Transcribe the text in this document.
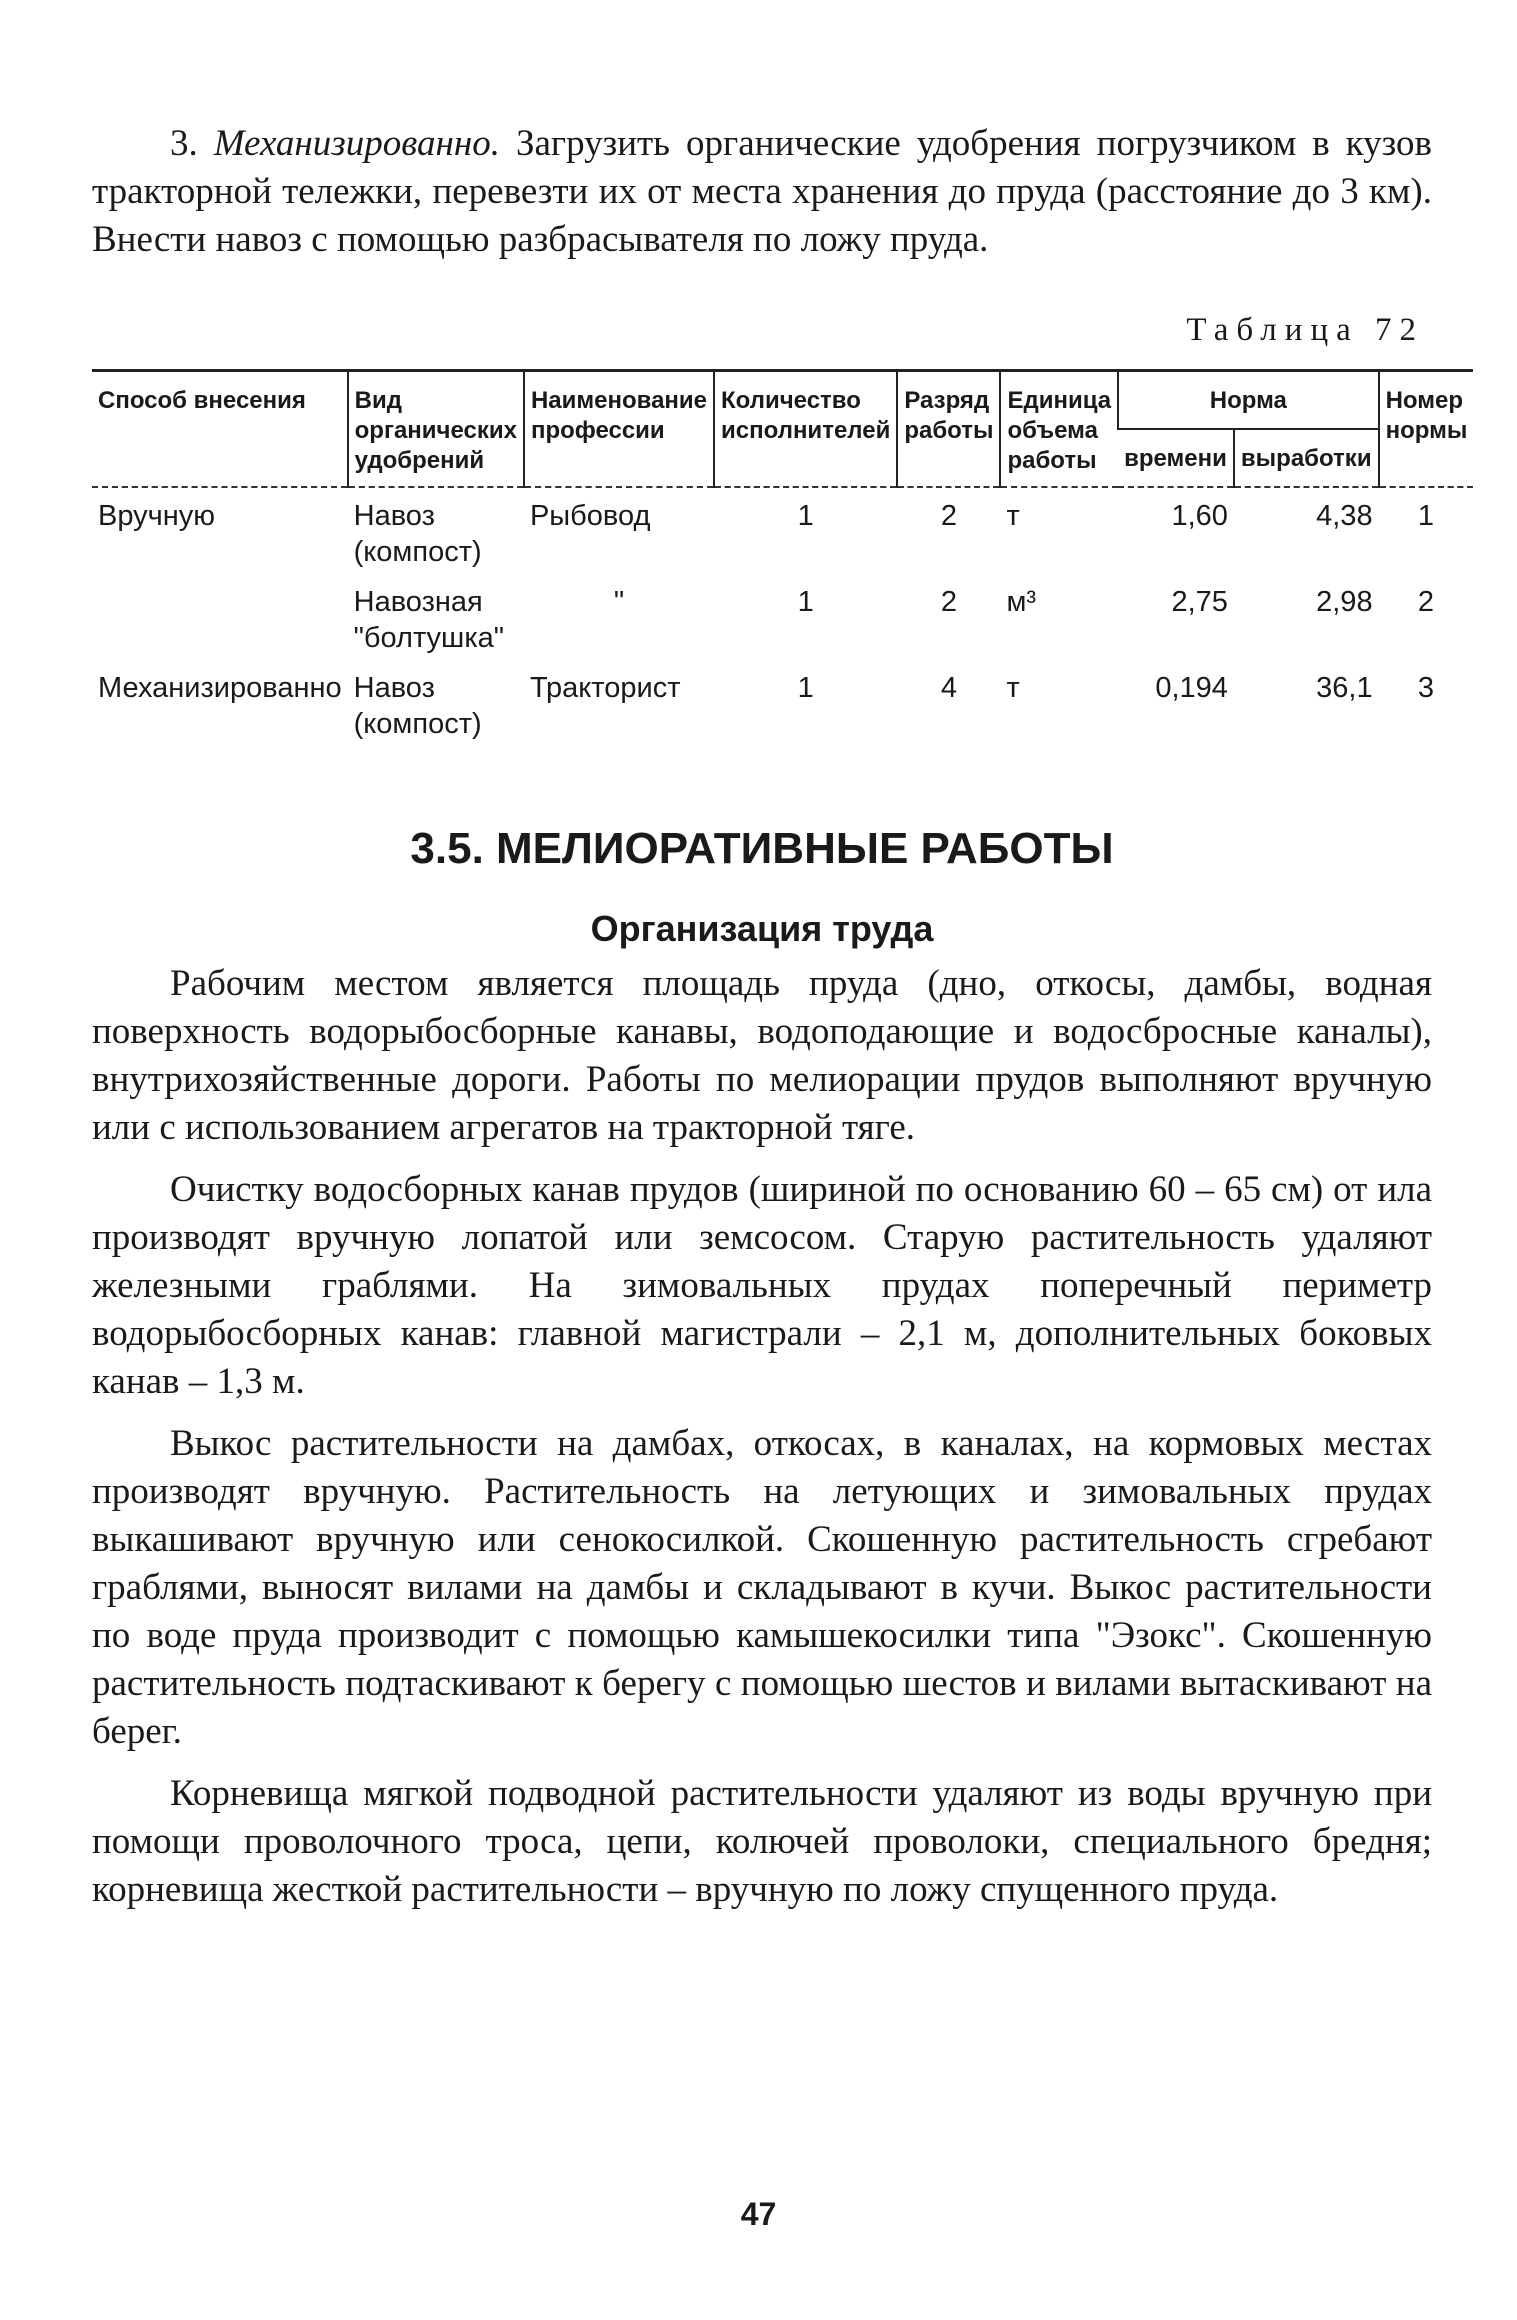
3. Механизированно. Загрузить органические удобрения погрузчиком в кузов тракторной тележки, перевезти их от места хранения до пруда (расстояние до 3 км). Внести навоз с помощью разбрасывателя по ложу пруда.

Таблица 72
Способ внесения	Вид органических удобрений	Наименование профессии	Количество исполнителей	Разряд работы	Единица объема работы	Норма		Номер нормы
						времени	выработки	
Вручную	Навоз (компост)	Рыбовод	1	2	т	1,60	4,38	1
	Навозная "болтушка"	"	1	2	м³	2,75	2,98	2
Механизированно	Навоз (компост)	Тракторист	1	4	т	0,194	36,1	3
3.5. МЕЛИОРАТИВНЫЕ РАБОТЫ
Организация труда

Рабочим местом является площадь пруда (дно, откосы, дамбы, водная поверхность водорыбосборные канавы, водоподающие и водосбросные каналы), внутрихозяйственные дороги. Работы по мелиорации прудов выполняют вручную или с использованием агрегатов на тракторной тяге.

Очистку водосборных канав прудов (шириной по основанию 60 – 65 см) от ила производят вручную лопатой или земсосом. Старую растительность удаляют железными граблями. На зимовальных прудах поперечный периметр водорыбосборных канав: главной магистрали – 2,1 м, дополнительных боковых канав – 1,3 м.

Выкос растительности на дамбах, откосах, в каналах, на кормовых местах производят вручную. Растительность на летующих и зимовальных прудах выкашивают вручную или сенокосилкой. Скошенную растительность сгребают граблями, выносят вилами на дамбы и складывают в кучи. Выкос растительности по воде пруда производит с помощью камышекосилки типа "Эзокс". Скошенную растительность подтаскивают к берегу с помощью шестов и вилами вытаскивают на берег.

Корневища мягкой подводной растительности удаляют из воды вручную при помощи проволочного троса, цепи, колючей проволоки, специального бредня; корневища жесткой растительности – вручную по ложу спущенного пруда.

47
